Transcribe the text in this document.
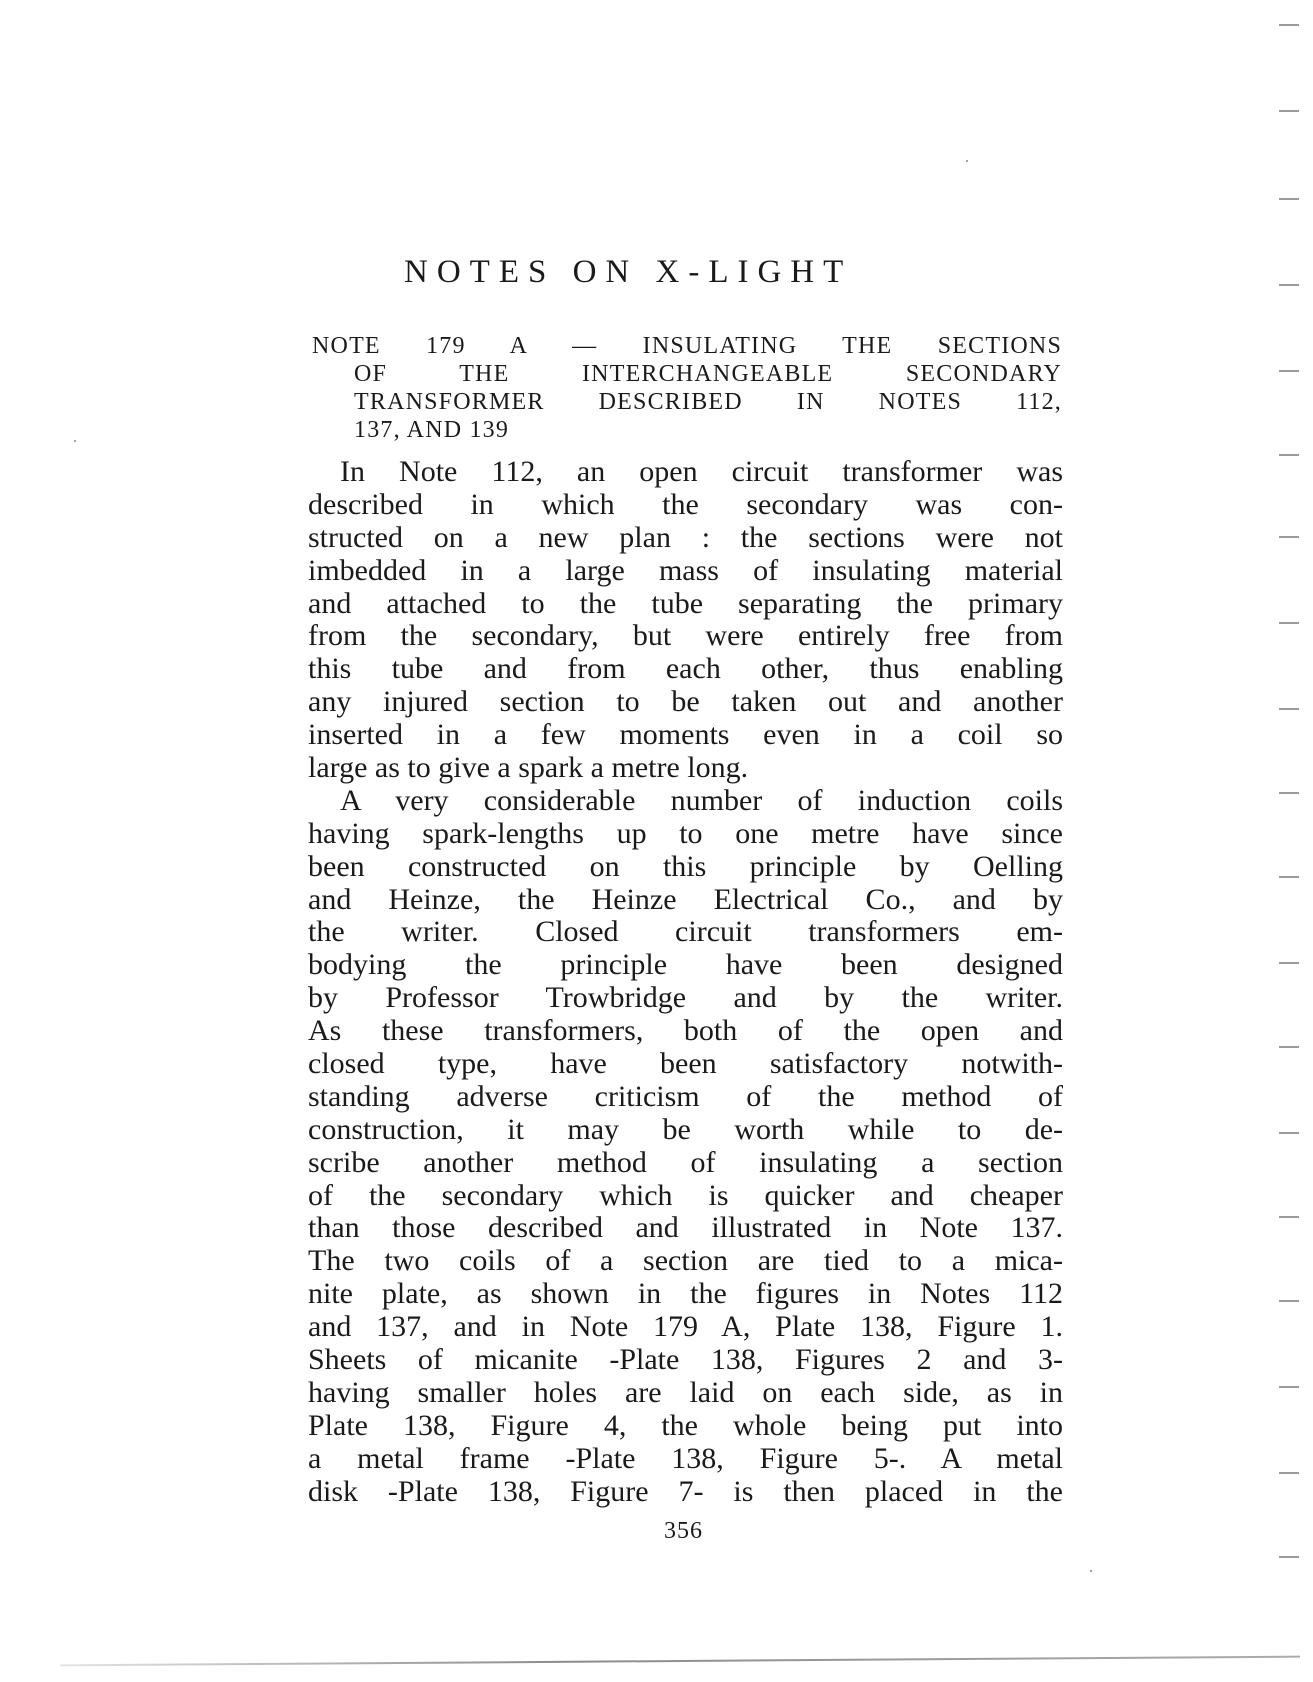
NOTES ON X-LIGHT
NOTE 179 A — INSULATING THE SECTIONS
OF THE INTERCHANGEABLE SECONDARY
TRANSFORMER DESCRIBED IN NOTES 112,
137, AND 139
In Note 112, an open circuit transformer was
described in which the secondary was con-
structed on a new plan : the sections were not
imbedded in a large mass of insulating material
and attached to the tube separating the primary
from the secondary, but were entirely free from
this tube and from each other, thus enabling
any injured section to be taken out and another
inserted in a few moments even in a coil so
large as to give a spark a metre long.
A very considerable number of induction coils
having spark-lengths up to one metre have since
been constructed on this principle by Oelling
and Heinze, the Heinze Electrical Co., and by
the writer. Closed circuit transformers em-
bodying the principle have been designed
by Professor Trowbridge and by the writer.
As these transformers, both of the open and
closed type, have been satisfactory notwith-
standing adverse criticism of the method of
construction, it may be worth while to de-
scribe another method of insulating a section
of the secondary which is quicker and cheaper
than those described and illustrated in Note 137.
The two coils of a section are tied to a mica-
nite plate, as shown in the figures in Notes 112
and 137, and in Note 179 A, Plate 138, Figure 1.
Sheets of micanite -Plate 138, Figures 2 and 3-
having smaller holes are laid on each side, as in
Plate 138, Figure 4, the whole being put into
a metal frame -Plate 138, Figure 5-. A metal
disk -Plate 138, Figure 7- is then placed in the
356
